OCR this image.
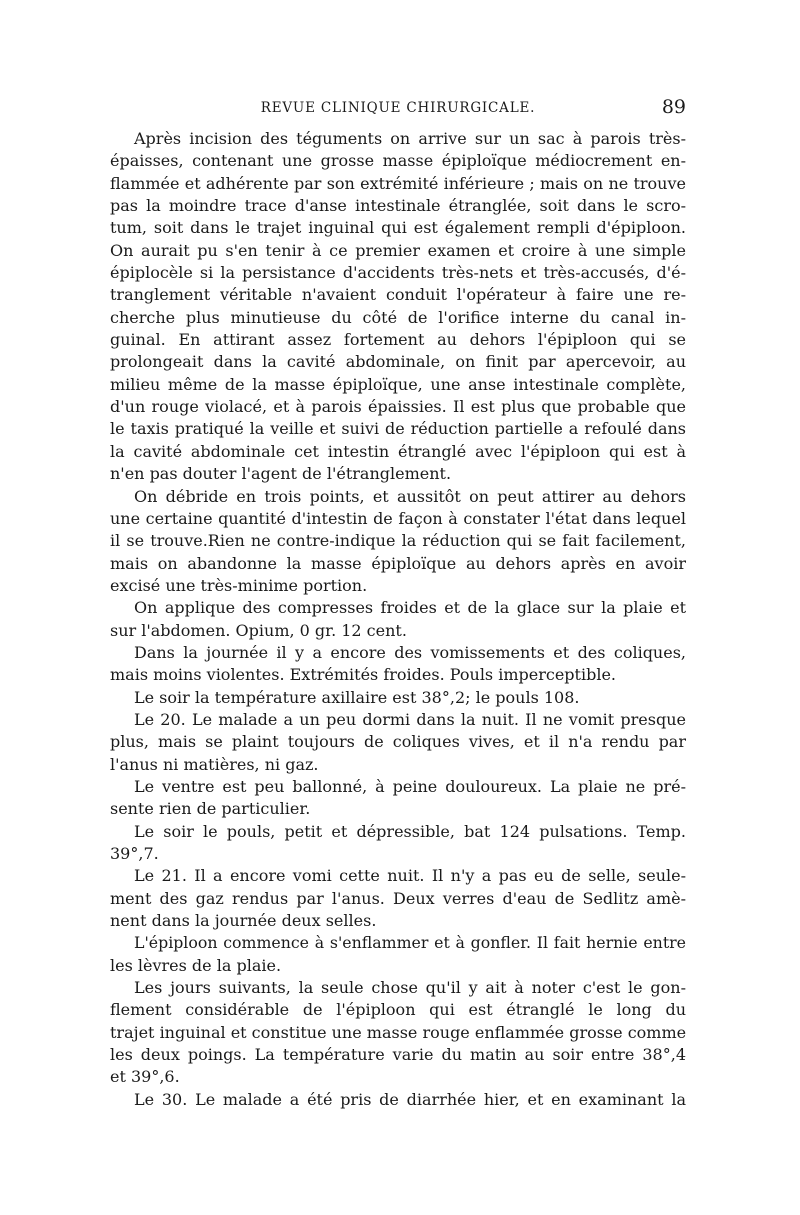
REVUE CLINIQUE CHIRURGICALE.	89
Après incision des téguments on arrive sur un sac à parois très-
épaisses, contenant une grosse masse épiploïque médiocrement en-
flammée et adhérente par son extrémité inférieure ; mais on ne trouve
pas la moindre trace d'anse intestinale étranglée, soit dans le scro-
tum, soit dans le trajet inguinal qui est également rempli d'épiploon.
On aurait pu s'en tenir à ce premier examen et croire à une simple
épiplocèle si la persistance d'accidents très-nets et très-accusés, d'é-
tranglement véritable n'avaient conduit l'opérateur à faire une re-
cherche plus minutieuse du côté de l'orifice interne du canal in-
guinal. En attirant assez fortement au dehors l'épiploon qui se
prolongeait dans la cavité abdominale, on finit par apercevoir, au
milieu même de la masse épiploïque, une anse intestinale complète,
d'un rouge violacé, et à parois épaissies. Il est plus que probable que
le taxis pratiqué la veille et suivi de réduction partielle a refoulé dans
la cavité abdominale cet intestin étranglé avec l'épiploon qui est à
n'en pas douter l'agent de l'étranglement.
On débride en trois points, et aussitôt on peut attirer au dehors
une certaine quantité d'intestin de façon à constater l'état dans lequel
il se trouve.Rien ne contre-indique la réduction qui se fait facilement,
mais on abandonne la masse épiploïque au dehors après en avoir
excisé une très-minime portion.
On applique des compresses froides et de la glace sur la plaie et
sur l'abdomen. Opium, 0 gr. 12 cent.
Dans la journée il y a encore des vomissements et des coliques,
mais moins violentes. Extrémités froides. Pouls imperceptible.
Le soir la température axillaire est 38°,2; le pouls 108.
Le 20. Le malade a un peu dormi dans la nuit. Il ne vomit presque
plus, mais se plaint toujours de coliques vives, et il n'a rendu par
l'anus ni matières, ni gaz.
Le ventre est peu ballonné, à peine douloureux. La plaie ne pré-
sente rien de particulier.
Le soir le pouls, petit et dépressible, bat 124 pulsations. Temp.
39°,7.
Le 21. Il a encore vomi cette nuit. Il n'y a pas eu de selle, seule-
ment des gaz rendus par l'anus. Deux verres d'eau de Sedlitz amè-
nent dans la journée deux selles.
L'épiploon commence à s'enflammer et à gonfler. Il fait hernie entre
les lèvres de la plaie.
Les jours suivants, la seule chose qu'il y ait à noter c'est le gon-
flement considérable de l'épiploon qui est étranglé le long du
trajet inguinal et constitue une masse rouge enflammée grosse comme
les deux poings. La température varie du matin au soir entre 38°,4
et 39°,6.
Le 30. Le malade a été pris de diarrhée hier, et en examinant la
